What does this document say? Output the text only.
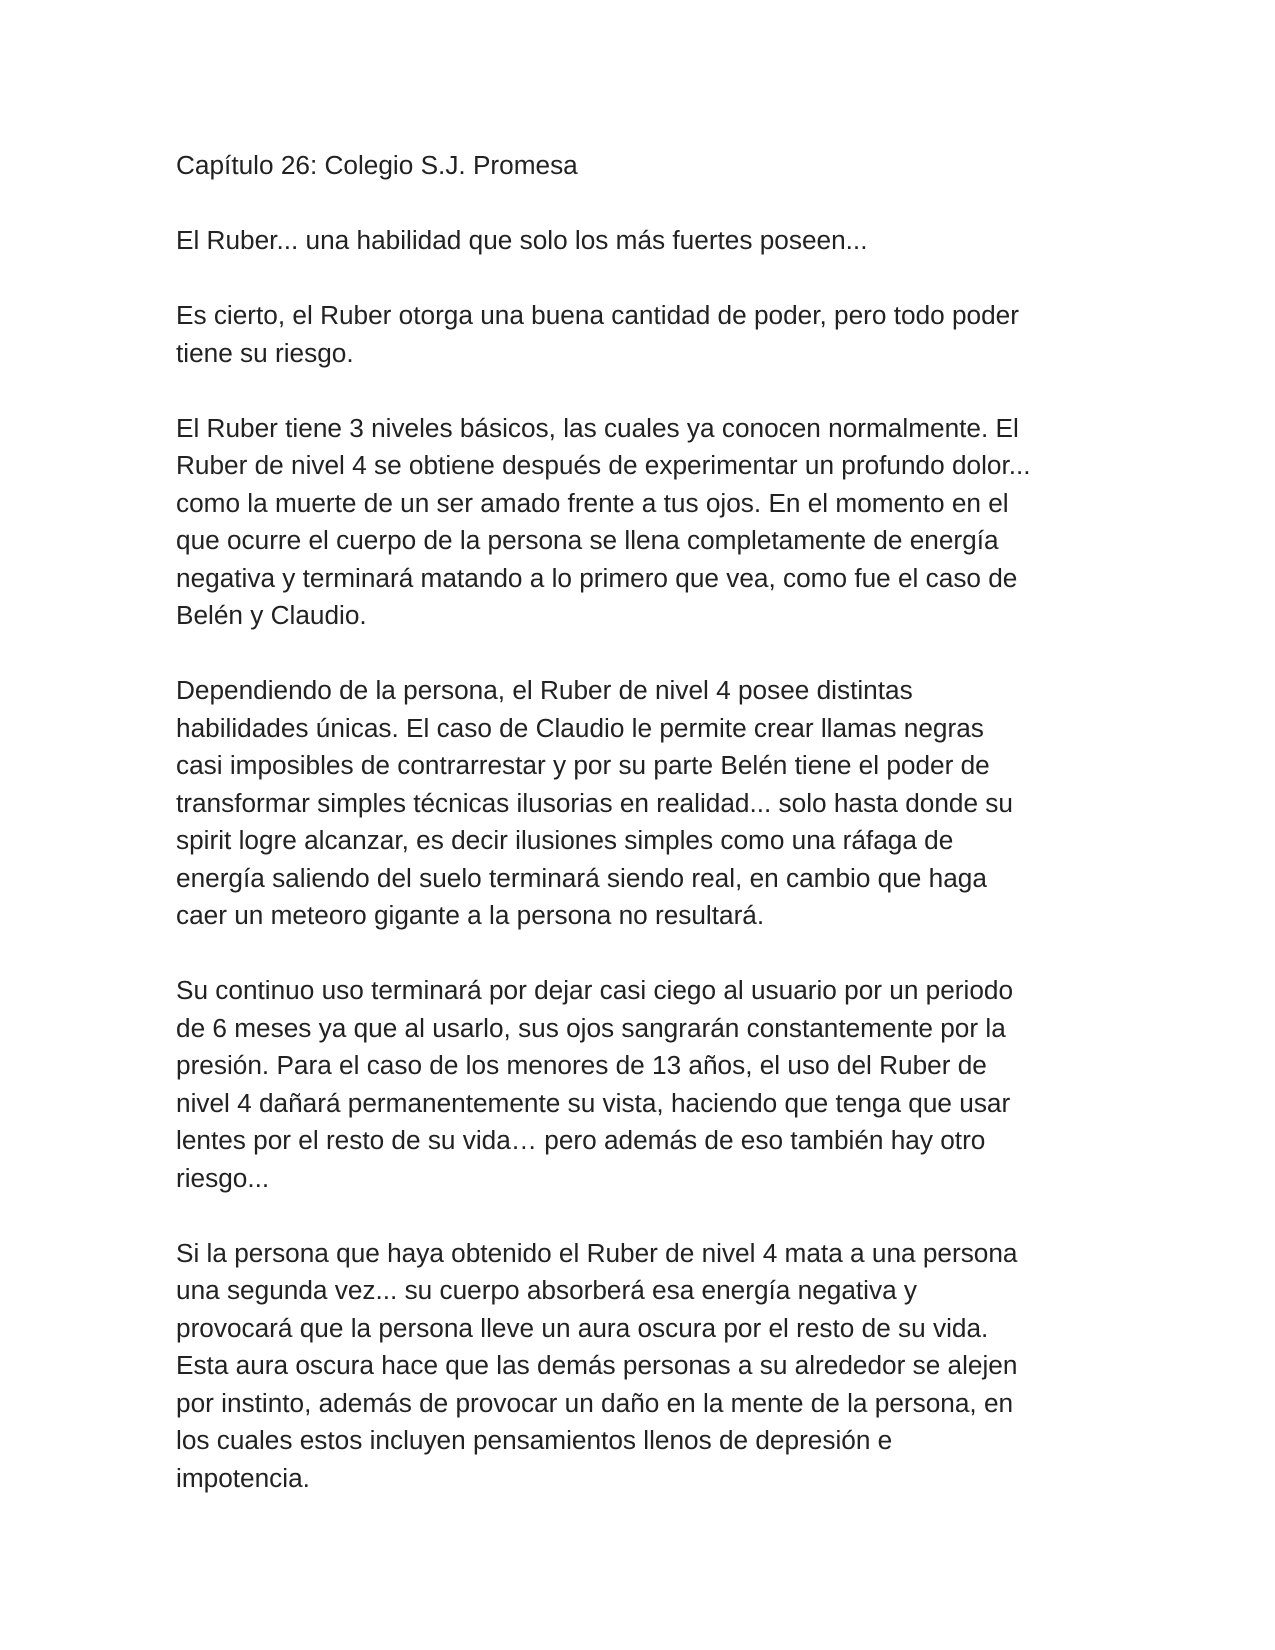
Capítulo 26: Colegio S.J. Promesa

El Ruber... una habilidad que solo los más fuertes poseen...

Es cierto, el Ruber otorga una buena cantidad de poder, pero todo poder
tiene su riesgo.

El Ruber tiene 3 niveles básicos, las cuales ya conocen normalmente. El
Ruber de nivel 4 se obtiene después de experimentar un profundo dolor...
como la muerte de un ser amado frente a tus ojos. En el momento en el
que ocurre el cuerpo de la persona se llena completamente de energía
negativa y terminará matando a lo primero que vea, como fue el caso de
Belén y Claudio.

Dependiendo de la persona, el Ruber de nivel 4 posee distintas
habilidades únicas. El caso de Claudio le permite crear llamas negras
casi imposibles de contrarrestar y por su parte Belén tiene el poder de
transformar simples técnicas ilusorias en realidad... solo hasta donde su
spirit logre alcanzar, es decir ilusiones simples como una ráfaga de
energía saliendo del suelo terminará siendo real, en cambio que haga
caer un meteoro gigante a la persona no resultará.

Su continuo uso terminará por dejar casi ciego al usuario por un periodo
de 6 meses ya que al usarlo, sus ojos sangrarán constantemente por la
presión. Para el caso de los menores de 13 años, el uso del Ruber de
nivel 4 dañará permanentemente su vista, haciendo que tenga que usar
lentes por el resto de su vida… pero además de eso también hay otro
riesgo...

Si la persona que haya obtenido el Ruber de nivel 4 mata a una persona
una segunda vez... su cuerpo absorberá esa energía negativa y
provocará que la persona lleve un aura oscura por el resto de su vida.
Esta aura oscura hace que las demás personas a su alrededor se alejen
por instinto, además de provocar un daño en la mente de la persona, en
los cuales estos incluyen pensamientos llenos de depresión e
impotencia.
